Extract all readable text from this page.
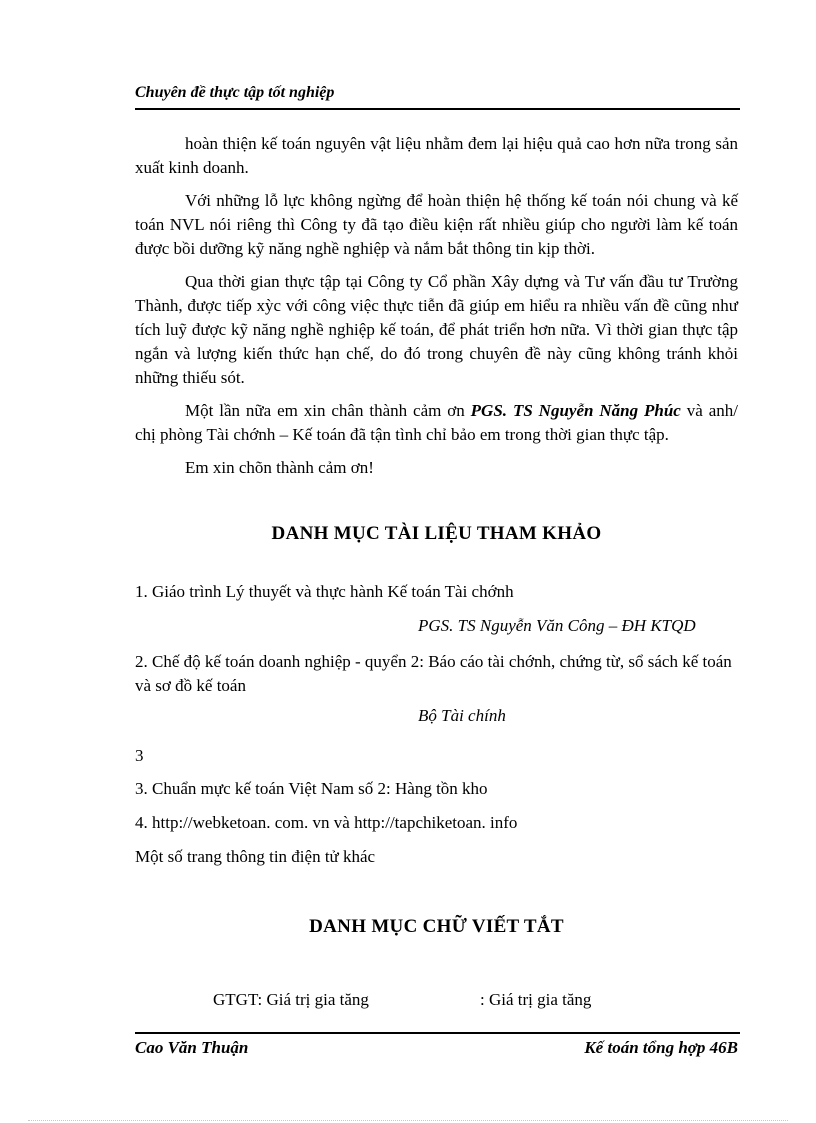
Chuyên đề thực tập tốt nghiệp

hoàn thiện kế toán nguyên vật liệu nhằm đem lại hiệu quả cao hơn nữa trong sản xuất kinh doanh.

Với những lỗ lực không ngừng để hoàn thiện hệ thống kế toán nói chung và kế toán NVL nói riêng thì Công ty đã tạo điều kiện rất nhiều giúp cho người làm kế toán được bồi dưỡng kỹ năng nghề nghiệp và nắm bắt thông tin kịp thời.

Qua thời gian thực tập tại Công ty Cổ phần Xây dựng và Tư vấn đầu tư Trường Thành, được tiếp xỳc với công việc thực tiễn đã giúp em hiểu ra nhiều vấn đề cũng như tích luỹ được kỹ năng nghề nghiệp kế toán, để phát triển hơn nữa. Vì thời gian thực tập ngắn và lượng kiến thức hạn chế, do đó trong chuyên đề này cũng không tránh khỏi những thiếu sót.

Một lần nữa em xin chân thành cảm ơn PGS. TS Nguyễn Năng Phúc và anh/ chị phòng Tài chớnh – Kế toán đã tận tình chỉ bảo em trong thời gian thực tập.

Em xin chõn thành cảm ơn!

DANH MỤC TÀI LIỆU THAM KHẢO
1. Giáo trình Lý thuyết và thực hành Kế toán Tài chớnh
PGS. TS Nguyễn Văn Công – ĐH KTQD
2. Chế độ kế toán doanh nghiệp - quyển 2: Báo cáo tài chớnh, chứng từ, sổ sách kế toán và sơ đồ kế toán
Bộ Tài chính
3
3. Chuẩn mực kế toán Việt Nam số 2: Hàng tồn kho
4. http://webketoan. com. vn và http://tapchiketoan. info
Một số trang thông tin điện tử khác
DANH MỤC CHỮ VIẾT TẮT
GTGT: Giá trị gia tăng	: Giá trị gia tăng
Cao Văn Thuận	Kế toán tổng hợp 46B
